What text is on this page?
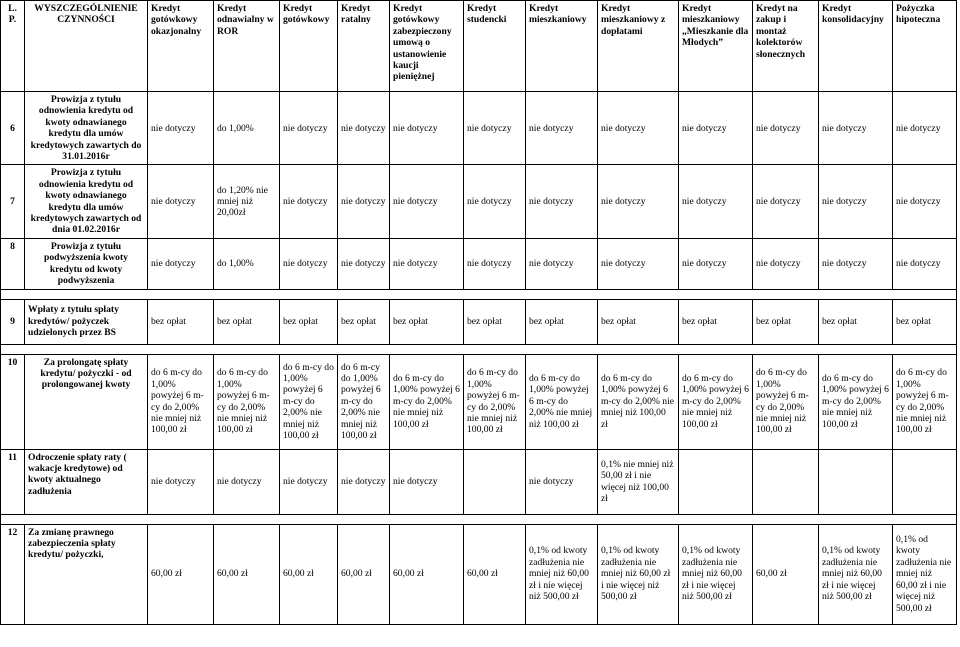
L. P.	WYSZCZEGÓLNIENIE CZYNNOŚCI	Kredyt gotówkowy okazjonalny	Kredyt odnawialny w ROR	Kredyt gotówkowy	Kredyt ratalny	Kredyt gotówkowy zabezpieczony umową o ustanowienie kaucji pieniężnej	Kredyt studencki	Kredyt mieszkaniowy	Kredyt mieszkaniowy z dopłatami	Kredyt mieszkaniowy „Mieszkanie dla Młodych”	Kredyt na zakup i montaż kolektorów słonecznych	Kredyt konsolidacyjny	Pożyczka hipoteczna
6	Prowizja z tytułu odnowienia kredytu od kwoty odnawianego kredytu dla umów kredytowych zawartych do 31.01.2016r	nie dotyczy	do 1,00%	nie dotyczy	nie dotyczy	nie dotyczy	nie dotyczy	nie dotyczy	nie dotyczy	nie dotyczy	nie dotyczy	nie dotyczy	nie dotyczy
7	Prowizja z tytułu odnowienia kredytu od kwoty odnawianego kredytu dla umów kredytowych zawartych od dnia 01.02.2016r	nie dotyczy	do 1,20% nie mniej niż 20,00zł	nie dotyczy	nie dotyczy	nie dotyczy	nie dotyczy	nie dotyczy	nie dotyczy	nie dotyczy	nie dotyczy	nie dotyczy	nie dotyczy
8	Prowizja z tytułu podwyższenia kwoty kredytu od kwoty podwyższenia	nie dotyczy	do 1,00%	nie dotyczy	nie dotyczy	nie dotyczy	nie dotyczy	nie dotyczy	nie dotyczy	nie dotyczy	nie dotyczy	nie dotyczy	nie dotyczy

9	Wpłaty z tytułu spłaty kredytów/ pożyczek udzielonych przez BS	bez opłat	bez opłat	bez opłat	bez opłat	bez opłat	bez opłat	bez opłat	bez opłat	bez opłat	bez opłat	bez opłat	bez opłat

10	Za prolongatę spłaty kredytu/ pożyczki - od prolongowanej kwoty	do 6 m-cy do 1,00% powyżej 6 m-cy do 2,00% nie mniej niż 100,00 zł	do 6 m-cy do 1,00% powyżej 6 m-cy do 2,00% nie mniej niż 100,00 zł	do 6 m-cy do 1,00% powyżej 6 m-cy do 2,00% nie mniej niż 100,00 zł	do 6 m-cy do 1,00% powyżej 6 m-cy do 2,00% nie mniej niż 100,00 zł	do 6 m-cy do 1,00% powyżej 6 m-cy do 2,00% nie mniej niż 100,00 zł	do 6 m-cy do 1,00% powyżej 6 m-cy do 2,00% nie mniej niż 100,00 zł	do 6 m-cy do 1,00% powyżej 6 m-cy do 2,00% nie mniej niż 100,00 zł	do 6 m-cy do 1,00% powyżej 6 m-cy do 2,00% nie mniej niż 100,00 zł	do 6 m-cy do 1,00% powyżej 6 m-cy do 2,00% nie mniej niż 100,00 zł	do 6 m-cy do 1,00% powyżej 6 m-cy do 2,00% nie mniej niż 100,00 zł	do 6 m-cy do 1,00% powyżej 6 m-cy do 2,00% nie mniej niż 100,00 zł	do 6 m-cy do 1,00% powyżej 6 m-cy do 2,00% nie mniej niż 100,00 zł
11	Odroczenie spłaty raty ( wakacje kredytowe) od kwoty aktualnego zadłużenia	nie dotyczy	nie dotyczy	nie dotyczy	nie dotyczy	nie dotyczy		nie dotyczy	0,1% nie mniej niż 50,00 zł i nie więcej niż 100,00 zł				

12	Za zmianę prawnego zabezpieczenia spłaty kredytu/ pożyczki,	60,00 zł	60,00 zł	60,00 zł	60,00 zł	60,00 zł	60,00 zł	0,1% od kwoty zadłużenia nie mniej niż 60,00 zł i nie więcej niż 500,00 zł	0,1% od kwoty zadłużenia nie mniej niż 60,00 zł i nie więcej niż 500,00 zł	0,1% od kwoty zadłużenia nie mniej niż 60,00 zł i nie więcej niż 500,00 zł	60,00 zł	0,1% od kwoty zadłużenia nie mniej niż 60,00 zł i nie więcej niż 500,00 zł	0,1% od kwoty zadłużenia nie mniej niż 60,00 zł i nie więcej niż 500,00 zł
